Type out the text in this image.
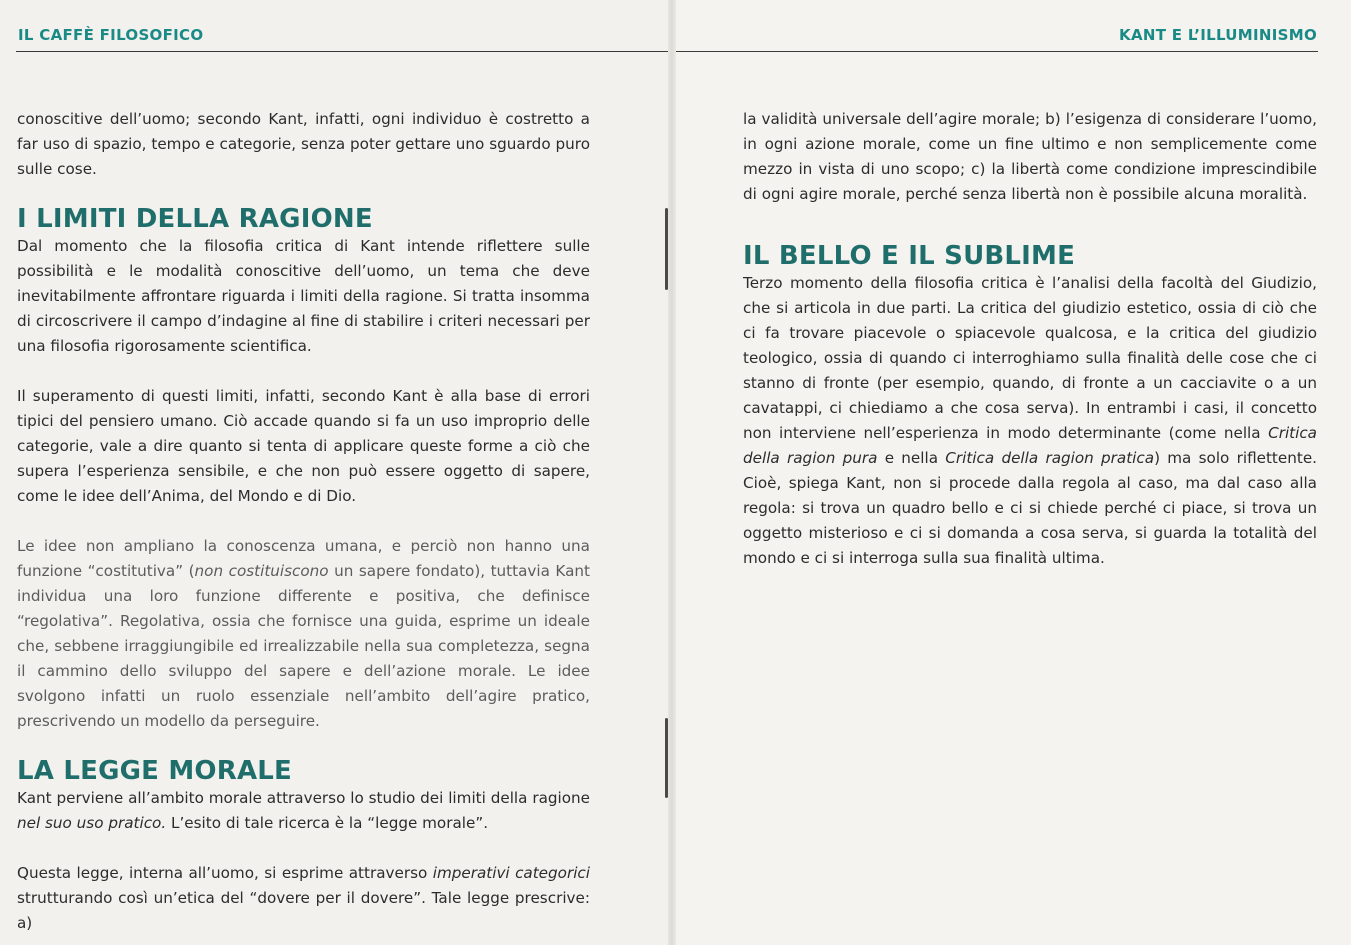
IL CAFFÈ FILOSOFICO	KANT E L’ILLUMINISMO

conoscitive dell’uomo; secondo Kant, infatti, ogni individuo è costretto a far uso di spazio, tempo e categorie, senza poter gettare uno sguardo puro sulle cose.

I LIMITI DELLA RAGIONE

Dal momento che la filosofia critica di Kant intende riflettere sulle possibilità e le modalità conoscitive dell’uomo, un tema che deve inevitabilmente affrontare riguarda i limiti della ragione. Si tratta insomma di circoscrivere il campo d’indagine al fine di stabilire i criteri necessari per una filosofia rigorosamente scientifica.

Il superamento di questi limiti, infatti, secondo Kant è alla base di errori tipici del pensiero umano. Ciò accade quando si fa un uso improprio delle categorie, vale a dire quanto si tenta di applicare queste forme a ciò che supera l’esperienza sensibile, e che non può essere oggetto di sapere, come le idee dell’Anima, del Mondo e di Dio.

Le idee non ampliano la conoscenza umana, e perciò non hanno una funzione “costitutiva” (non costituiscono un sapere fondato), tuttavia Kant individua una loro funzione differente e positiva, che definisce “regolativa”. Regolativa, ossia che fornisce una guida, esprime un ideale che, sebbene irraggiungibile ed irrealizzabile nella sua completezza, segna il cammino dello sviluppo del sapere e dell’azione morale. Le idee svolgono infatti un ruolo essenziale nell’ambito dell’agire pratico, prescrivendo un modello da perseguire.

LA LEGGE MORALE

Kant perviene all’ambito morale attraverso lo studio dei limiti della ragione nel suo uso pratico. L’esito di tale ricerca è la “legge morale”.

Questa legge, interna all’uomo, si esprime attraverso imperativi categorici strutturando così un’etica del “dovere per il dovere”. Tale legge prescrive: a)

la validità universale dell’agire morale; b) l’esigenza di considerare l’uomo, in ogni azione morale, come un fine ultimo e non semplicemente come mezzo in vista di uno scopo; c) la libertà come condizione imprescindibile di ogni agire morale, perché senza libertà non è possibile alcuna moralità.

IL BELLO E IL SUBLIME

Terzo momento della filosofia critica è l’analisi della facoltà del Giudizio, che si articola in due parti. La critica del giudizio estetico, ossia di ciò che ci fa trovare piacevole o spiacevole qualcosa, e la critica del giudizio teologico, ossia di quando ci interroghiamo sulla finalità delle cose che ci stanno di fronte (per esempio, quando, di fronte a un cacciavite o a un cavatappi, ci chiediamo a che cosa serva). In entrambi i casi, il concetto non interviene nell’esperienza in modo determinante (come nella Critica della ragion pura e nella Critica della ragion pratica) ma solo riflettente. Cioè, spiega Kant, non si procede dalla regola al caso, ma dal caso alla regola: si trova un quadro bello e ci si chiede perché ci piace, si trova un oggetto misterioso e ci si domanda a cosa serva, si guarda la totalità del mondo e ci si interroga sulla sua finalità ultima.
